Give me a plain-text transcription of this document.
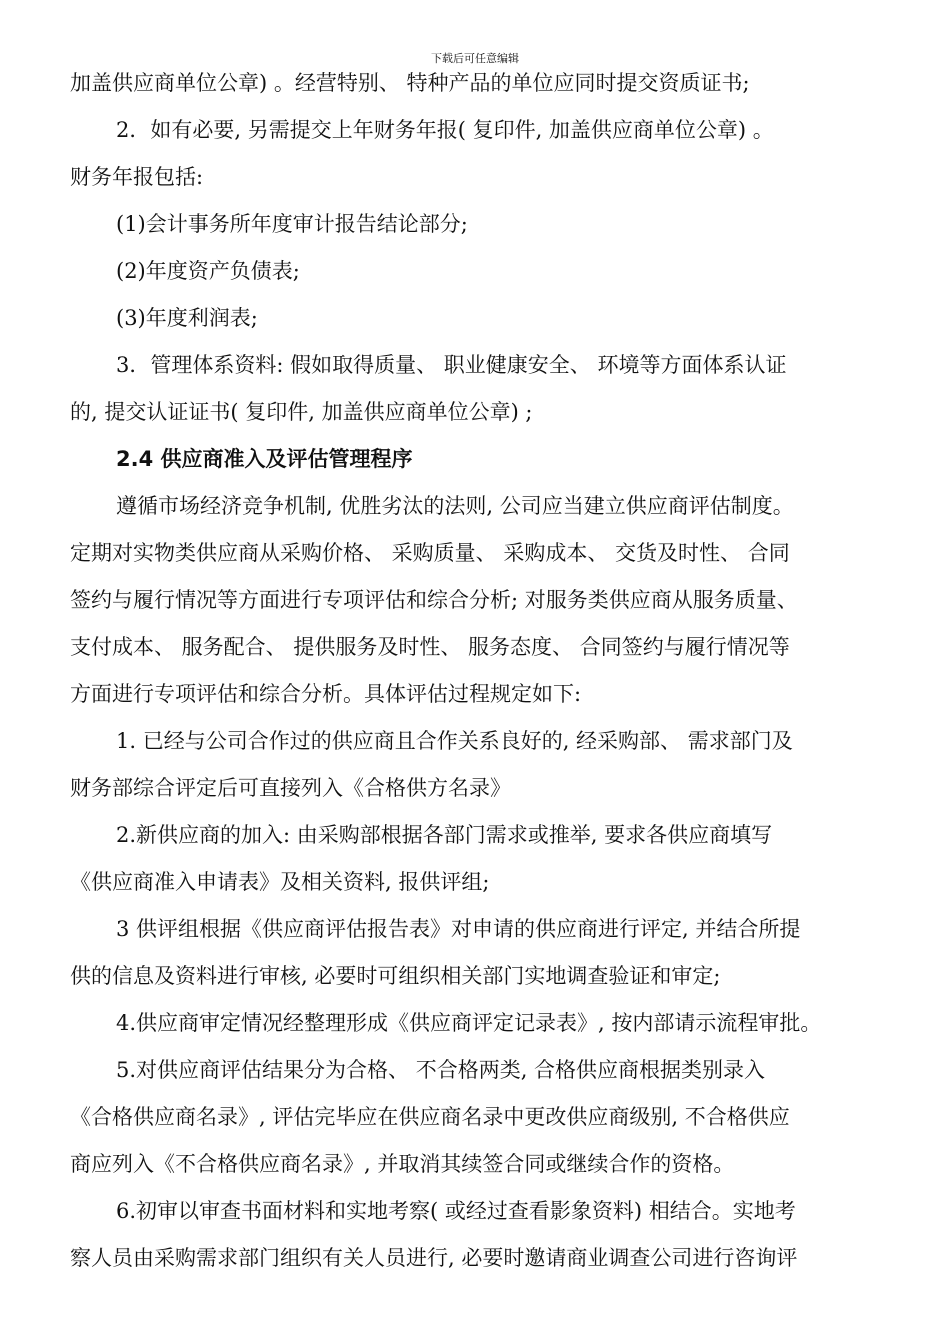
下载后可任意编辑
加盖供应商单位公章) 。经营特别、 特种产品的单位应同时提交资质证书;
2．如有必要, 另需提交上年财务年报( 复印件, 加盖供应商单位公章) 。
财务年报包括:
(1)会计事务所年度审计报告结论部分;
(2)年度资产负债表;
(3)年度利润表;
3．管理体系资料: 假如取得质量、 职业健康安全、 环境等方面体系认证
的, 提交认证证书( 复印件, 加盖供应商单位公章) ;
2.4 供应商准入及评估管理程序
遵循市场经济竞争机制, 优胜劣汰的法则, 公司应当建立供应商评估制度。
定期对实物类供应商从采购价格、 采购质量、 采购成本、 交货及时性、 合同
签约与履行情况等方面进行专项评估和综合分析; 对服务类供应商从服务质量、
支付成本、 服务配合、 提供服务及时性、 服务态度、 合同签约与履行情况等
方面进行专项评估和综合分析。具体评估过程规定如下:
1. 已经与公司合作过的供应商且合作关系良好的, 经采购部、 需求部门及
财务部综合评定后可直接列入《合格供方名录》
2.新供应商的加入: 由采购部根据各部门需求或推举, 要求各供应商填写
《供应商准入申请表》及相关资料, 报供评组;
3 供评组根据《供应商评估报告表》对申请的供应商进行评定, 并结合所提
供的信息及资料进行审核, 必要时可组织相关部门实地调查验证和审定;
4.供应商审定情况经整理形成《供应商评定记录表》, 按内部请示流程审批。
5.对供应商评估结果分为合格、 不合格两类, 合格供应商根据类别录入
《合格供应商名录》, 评估完毕应在供应商名录中更改供应商级别, 不合格供应
商应列入《不合格供应商名录》, 并取消其续签合同或继续合作的资格。
6.初审以审查书面材料和实地考察( 或经过查看影象资料) 相结合。实地考
察人员由采购需求部门组织有关人员进行, 必要时邀请商业调查公司进行咨询评
